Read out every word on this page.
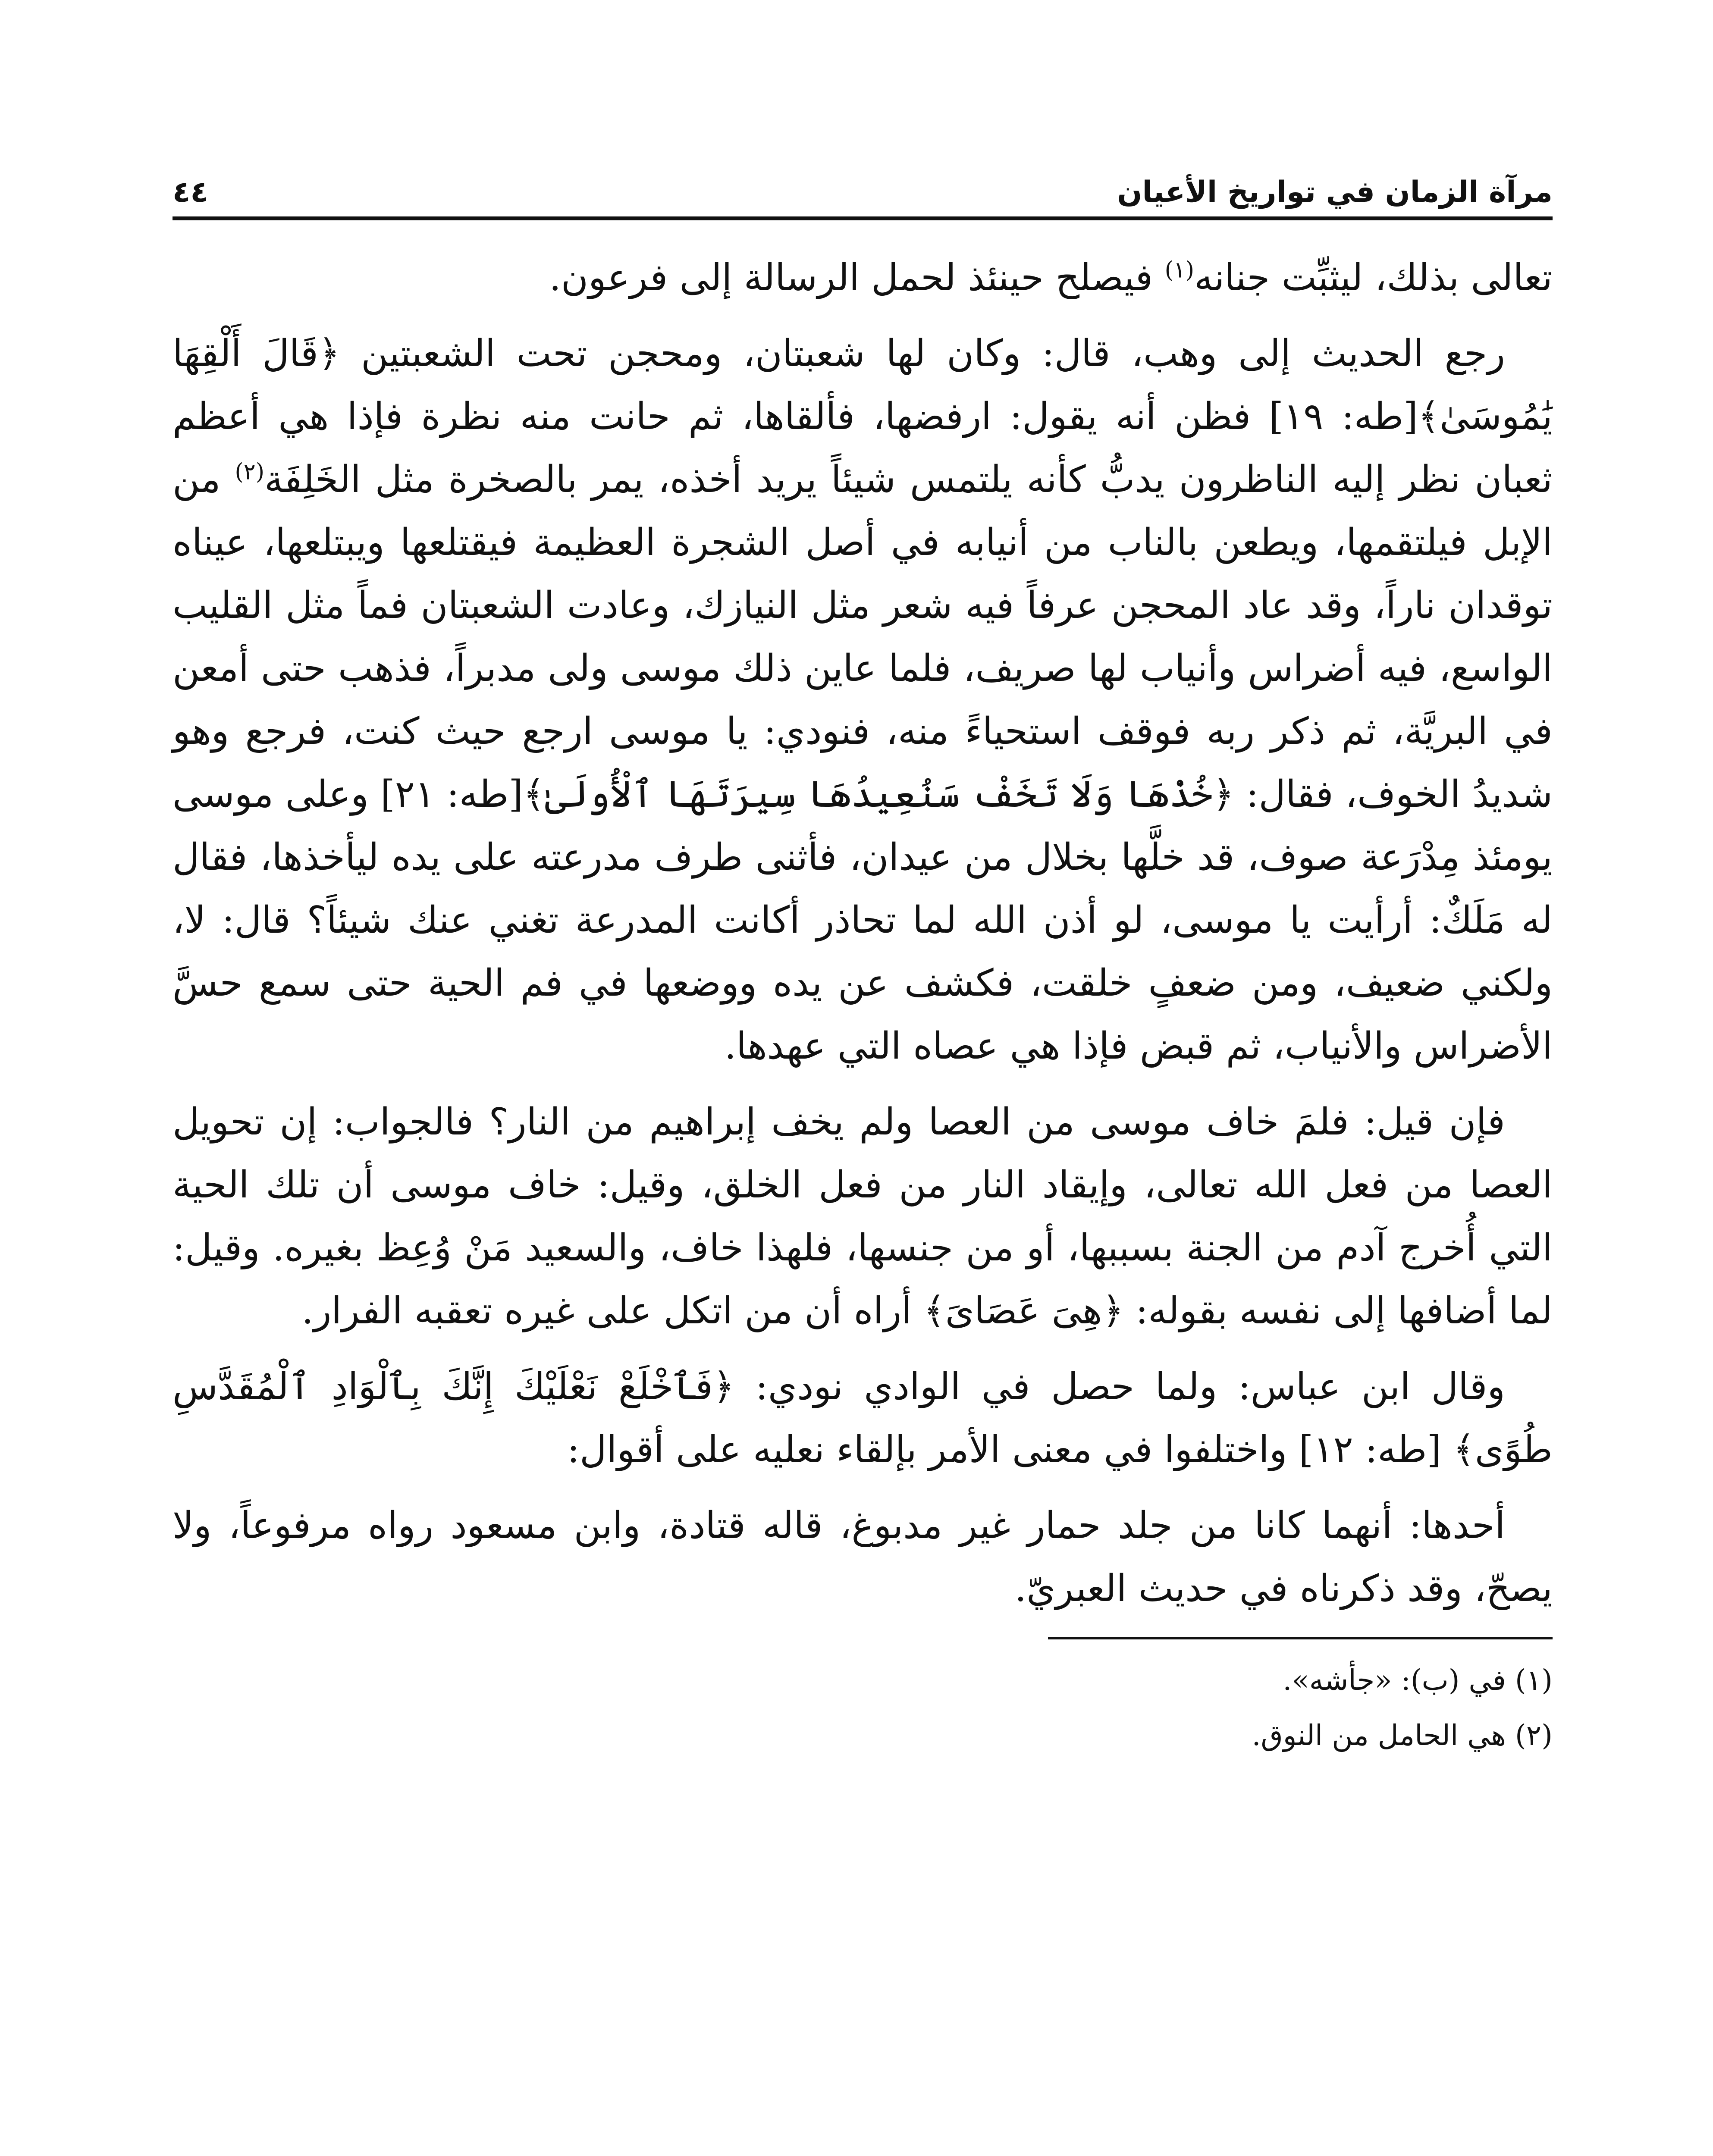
مرآة الزمان في تواريخ الأعيان
٤٤

تعالى بذلك، ليثبِّت جنانه$^{(١)}$ فيصلح حينئذ لحمل الرسالة إلى فرعون.

رجع الحديث إلى وهب، قال: وكان لها شعبتان، ومحجن تحت الشعبتين ﴿قَالَ أَلْقِهَا يَٰمُوسَىٰ﴾[طه: ١٩] فظن أنه يقول: ارفضها، فألقاها، ثم حانت منه نظرة فإذا هي أعظم ثعبان نظر إليه الناظرون يدبُّ كأنه يلتمس شيئاً يريد أخذه، يمر بالصخرة مثل الخَلِفَة$^{(٢)}$ من الإبل فيلتقمها، ويطعن بالناب من أنيابه في أصل الشجرة العظيمة فيقتلعها ويبتلعها، عيناه توقدان ناراً، وقد عاد المحجن عرفاً فيه شعر مثل النيازك، وعادت الشعبتان فماً مثل القليب الواسع، فيه أضراس وأنياب لها صريف، فلما عاين ذلك موسى ولى مدبراً، فذهب حتى أمعن في البريَّة، ثم ذكر ربه فوقف استحياءً منه، فنودي: يا موسى ارجع حيث كنت، فرجع وهو شديدُ الخوف، فقال: ﴿خُذْهَا وَلَا تَخَفْ سَنُعِيدُهَا سِيرَتَهَا ٱلْأُولَىٰ﴾[طه: ٢١] وعلى موسى يومئذ مِدْرَعة صوف، قد خلَّها بخلال من عيدان، فأثنى طرف مدرعته على يده ليأخذها، فقال له مَلَكٌ: أرأيت يا موسى، لو أذن الله لما تحاذر أكانت المدرعة تغني عنك شيئاً؟ قال: لا، ولكني ضعيف، ومن ضعفٍ خلقت، فكشف عن يده ووضعها في فم الحية حتى سمع حسَّ الأضراس والأنياب، ثم قبض فإذا هي عصاه التي عهدها.

فإن قيل: فلمَ خاف موسى من العصا ولم يخف إبراهيم من النار؟ فالجواب: إن تحويل العصا من فعل الله تعالى، وإيقاد النار من فعل الخلق، وقيل: خاف موسى أن تلك الحية التي أُخرج آدم من الجنة بسببها، أو من جنسها، فلهذا خاف، والسعيد مَنْ وُعِظ بغيره. وقيل: لما أضافها إلى نفسه بقوله: ﴿هِىَ عَصَاىَ﴾ أراه أن من اتكل على غيره تعقبه الفرار.

وقال ابن عباس: ولما حصل في الوادي نودي: ﴿فَٱخْلَعْ نَعْلَيْكَ إِنَّكَ بِٱلْوَادِ ٱلْمُقَدَّسِ طُوًى﴾ [طه: ١٢] واختلفوا في معنى الأمر بإلقاء نعليه على أقوال:

أحدها: أنهما كانا من جلد حمار غير مدبوغ، قاله قتادة، وابن مسعود رواه مرفوعاً، ولا يصحّ، وقد ذكرناه في حديث العبريّ.

(١) في (ب): «جأشه».

(٢) هي الحامل من النوق.
